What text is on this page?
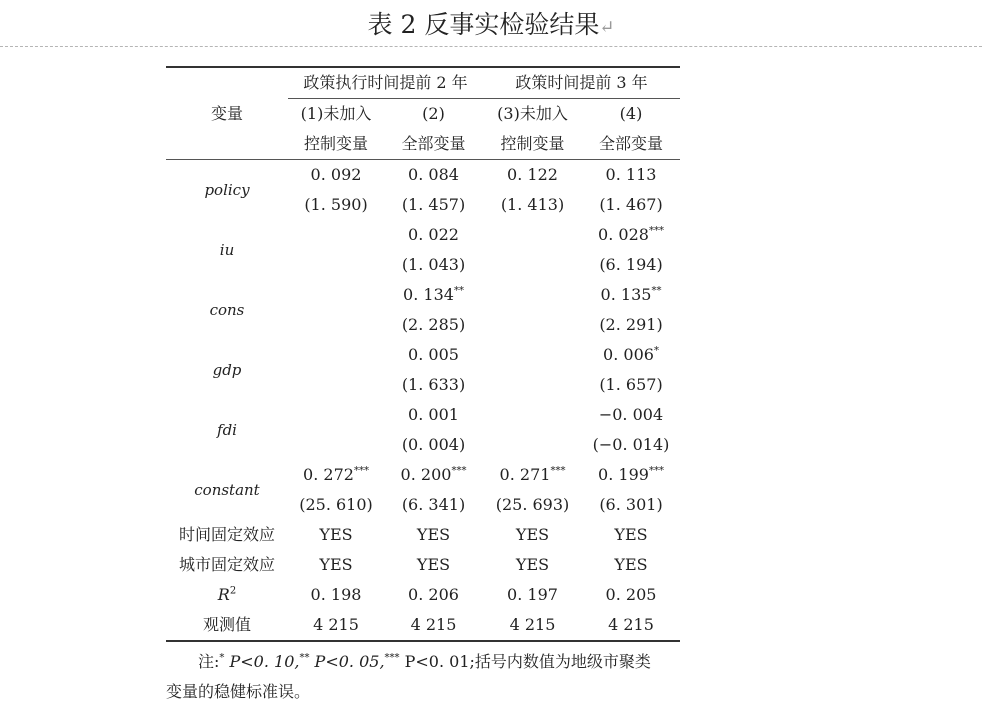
表 2 反事实检验结果↵
变量	政策执行时间提前 2 年		政策时间提前 3 年	
	(1)未加入	(2)	(3)未加入	(4)
	控制变量	全部变量	控制变量	全部变量
policy	0. 092	0. 084	0. 122	0. 113
	(1. 590)	(1. 457)	(1. 413)	(1. 467)
iu		0. 022		0. 028***
		(1. 043)		(6. 194)
cons		0. 134**		0. 135**
		(2. 285)		(2. 291)
gdp		0. 005		0. 006*
		(1. 633)		(1. 657)
fdi		0. 001		−0. 004
		(0. 004)		(−0. 014)
constant	0. 272***	0. 200***	0. 271***	0. 199***
	(25. 610)	(6. 341)	(25. 693)	(6. 301)
时间固定效应	YES	YES	YES	YES
城市固定效应	YES	YES	YES	YES
$R^2$	0. 198	0. 206	0. 197	0. 205
观测值	4 215	4 215	4 215	4 215
注:* P<0. 10,** P<0. 05,*** P<0. 01;括号内数值为地级市聚类
变量的稳健标准误。
